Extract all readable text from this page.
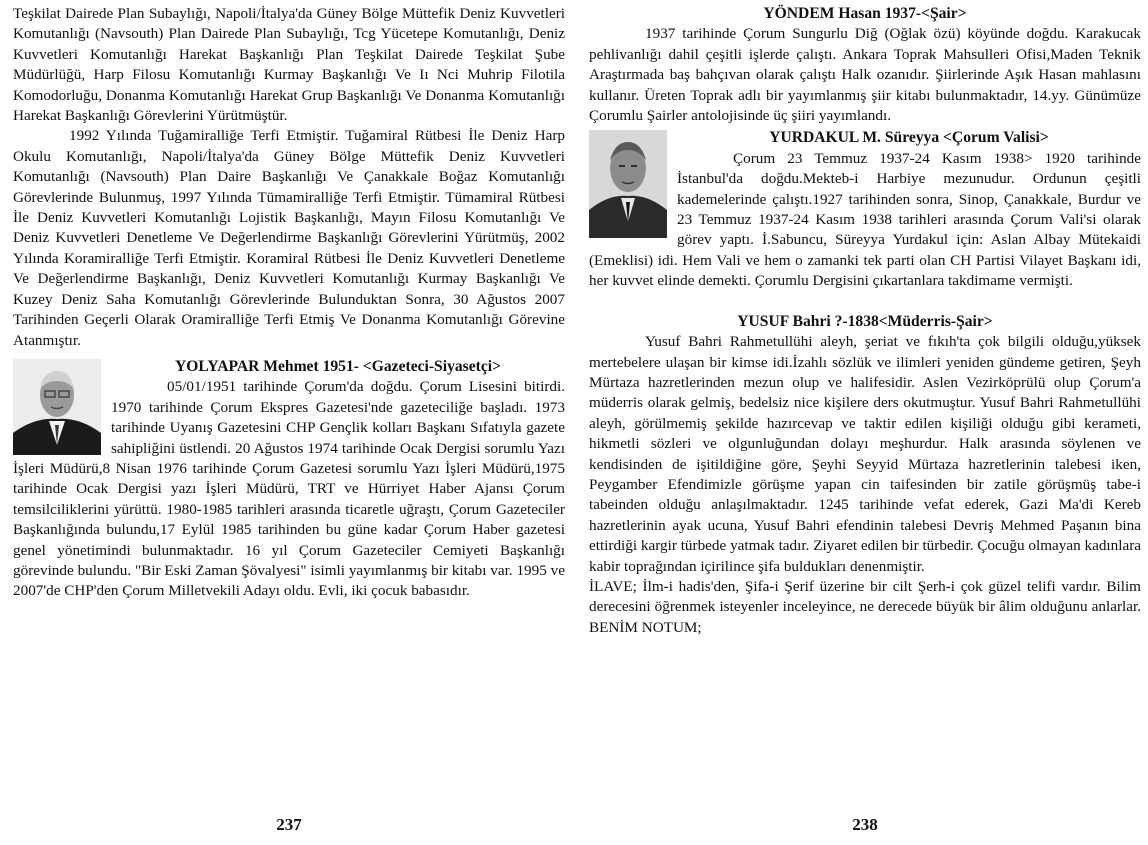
Teşkilat Dairede Plan Subaylığı, Napoli/İtalya'da Güney Bölge Müttefik Deniz Kuvvetleri Komutanlığı (Navsouth) Plan Dairede Plan Subaylığı, Tcg Yücetepe Komutanlığı, Deniz Kuvvetleri Komutanlığı Harekat Başkanlığı Plan Teşkilat Dairede Teşkilat Şube Müdürlüğü, Harp Filosu Komutanlığı Kurmay Başkanlığı Ve Iı Nci Muhrip Filotila Komodorluğu, Donanma Komutanlığı Harekat Grup Başkanlığı Ve Donanma Komutanlığı Harekat Başkanlığı Görevlerini Yürütmüştür.

1992 Yılında Tuğamiralliğe Terfi Etmiştir. Tuğamiral Rütbesi İle Deniz Harp Okulu Komutanlığı, Napoli/İtalya'da Güney Bölge Müttefik Deniz Kuvvetleri Komutanlığı (Navsouth) Plan Daire Başkanlığı Ve Çanakkale Boğaz Komutanlığı Görevlerinde Bulunmuş, 1997 Yılında Tümamiralliğe Terfi Etmiştir. Tümamiral Rütbesi İle Deniz Kuvvetleri Komutanlığı Lojistik Başkanlığı, Mayın Filosu Komutanlığı Ve Deniz Kuvvetleri Denetleme Ve Değerlendirme Başkanlığı Görevlerini Yürütmüş, 2002 Yılında Koramiralliğe Terfi Etmiştir. Koramiral Rütbesi İle Deniz Kuvvetleri Denetleme Ve Değerlendirme Başkanlığı, Deniz Kuvvetleri Komutanlığı Kurmay Başkanlığı Ve Kuzey Deniz Saha Komutanlığı Görevlerinde Bulunduktan Sonra, 30 Ağustos 2007 Tarihinden Geçerli Olarak Oramiralliğe Terfi Etmiş Ve Donanma Komutanlığı Görevine Atanmıştır.

YOLYAPAR Mehmet 1951- <Gazeteci-Siyasetçi>

05/01/1951 tarihinde Çorum'da doğdu. Çorum Lisesini bitirdi. 1970 tarihinde Çorum Ekspres Gazetesi'nde gazeteciliğe başladı. 1973 tarihinde Uyanış Gazetesini CHP Gençlik kolları Başkanı Sıfatıyla gazete sahipliğini üstlendi. 20 Ağustos 1974 tarihinde Ocak Dergisi sorumlu Yazı İşleri Müdürü,8 Nisan 1976 tarihinde Çorum Gazetesi sorumlu Yazı İşleri Müdürü,1975 tarihinde Ocak Dergisi yazı İşleri Müdürü, TRT ve Hürriyet Haber Ajansı Çorum temsilciliklerini yürüttü. 1980-1985 tarihleri arasında ticaretle uğraştı, Çorum Gazeteciler Başkanlığında bulundu,17 Eylül 1985 tarihinden bu güne kadar Çorum Haber gazetesi genel yönetimindi bulunmaktadır. 16 yıl Çorum Gazeteciler Cemiyeti Başkanlığı görevinde bulundu. "Bir Eski Zaman Şövalyesi" isimli yayımlanmış bir kitabı var. 1995 ve 2007'de CHP'den Çorum Milletvekili Adayı oldu. Evli, iki çocuk babasıdır.

YÖNDEM Hasan 1937-<Şair>

1937 tarihinde Çorum Sungurlu Diğ (Oğlak özü) köyünde doğdu. Karakucak pehlivanlığı dahil çeşitli işlerde çalıştı. Ankara Toprak Mahsulleri Ofisi,Maden Teknik Araştırmada baş bahçıvan olarak çalıştı Halk ozanıdır. Şiirlerinde Aşık Hasan mahlasını kullanır. Üreten Toprak adlı bir yayımlanmış şiir kitabı bulunmaktadır, 14.yy. Günümüze Çorumlu Şairler antolojisinde üç şiiri yayımlandı.

YURDAKUL M. Süreyya <Çorum Valisi>

Çorum 23 Temmuz 1937-24 Kasım 1938> 1920 tarihinde İstanbul'da doğdu.Mekteb-i Harbiye mezunudur. Ordunun çeşitli kademelerinde çalıştı.1927 tarihinden sonra, Sinop, Çanakkale, Burdur ve 23 Temmuz 1937-24 Kasım 1938 tarihleri arasında Çorum Vali'si olarak görev yaptı. İ.Sabuncu, Süreyya Yurdakul için: Aslan Albay Mütekaidi (Emeklisi) idi. Hem Vali ve hem o zamanki tek parti olan CH Partisi Vilayet Başkanı idi, her kuvvet elinde demekti. Çorumlu Dergisini çıkartanlara takdimame vermişti.

YUSUF Bahri ?-1838<Müderris-Şair>

Yusuf Bahri Rahmetullühi aleyh, şeriat ve fıkıh'ta çok bilgili olduğu,yüksek mertebelere ulaşan bir kimse idi.İzahlı sözlük ve ilimleri yeniden gündeme getiren, Şeyh Mürtaza hazretlerinden mezun olup ve halifesidir. Aslen Vezirköprülü olup Çorum'a müderris olarak gelmiş, bedelsiz nice kişilere ders okutmuştur. Yusuf Bahri Rahmetullühi aleyh, görülmemiş şekilde hazırcevap ve taktir edilen kişiliği olduğu gibi kerameti, hikmetli sözleri ve olgunluğundan dolayı meşhurdur. Halk arasında söylenen ve kendisinden de işitildiğine göre, Şeyhi Seyyid Mürtaza hazretlerinin talebesi iken, Peygamber Efendimizle görüşme yapan cin taifesinden bir zatile görüşmüş tabe-i tabeinden olduğu anlaşılmaktadır. 1245 tarihinde vefat ederek, Gazi Ma'di Kereb hazretlerinin ayak ucuna, Yusuf Bahri efendinin talebesi Devriş Mehmed Paşanın bina ettirdiği kargir türbede yatmak tadır. Ziyaret edilen bir türbedir. Çocuğu olmayan kadınlara kabir toprağından içirilince şifa buldukları denenmiştir.

İLAVE; İlm-i hadis'den, Şifa-i Şerif üzerine bir cilt Şerh-i çok güzel telifi vardır. Bilim derecesini öğrenmek isteyenler inceleyince, ne derecede büyük bir âlim olduğunu anlarlar. BENİM NOTUM;

237	238
